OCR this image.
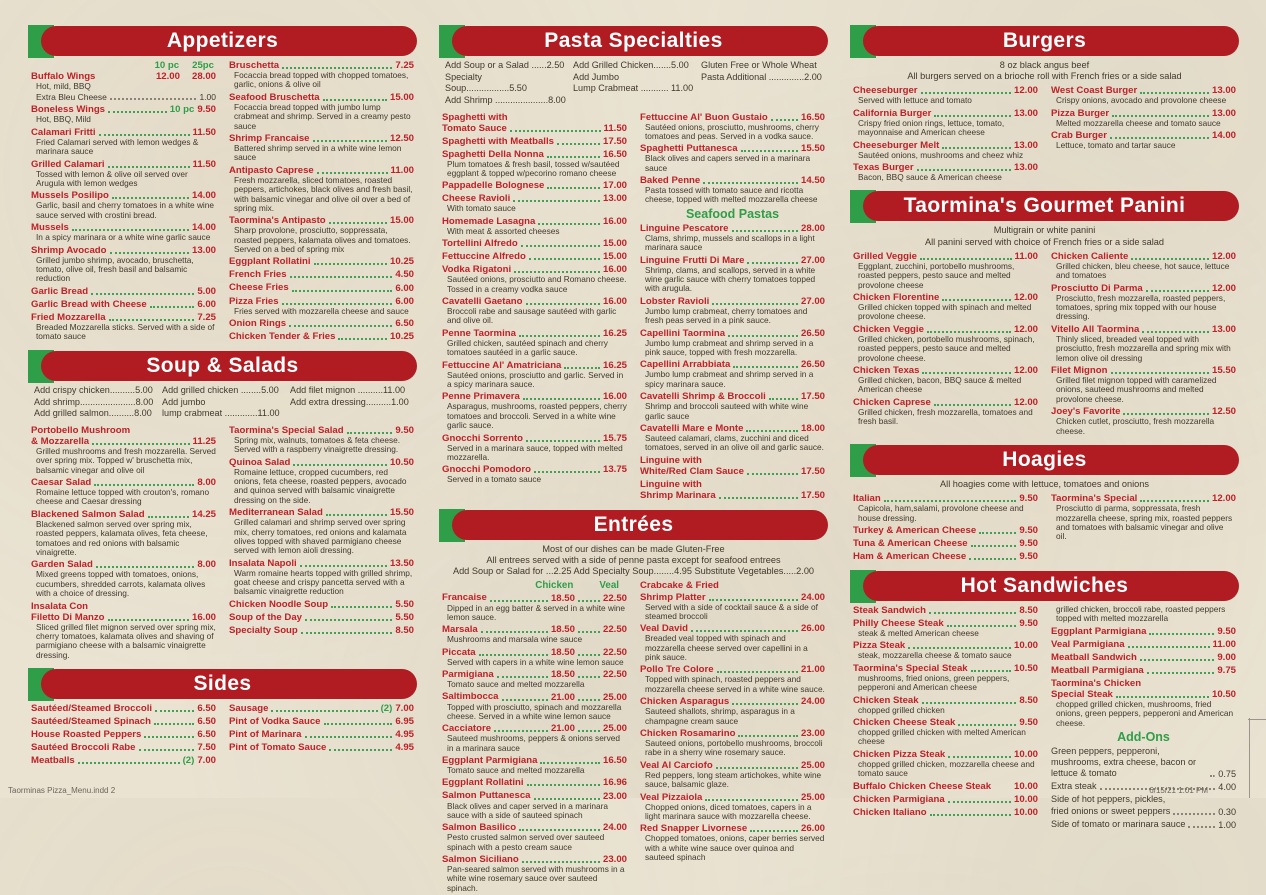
Appetizers
10 pc 25pc
Buffalo Wings	12.00 28.00
Hot, mild, BBQ
Extra Bleu Cheese	1.00
Boneless Wings	10 pc 9.50
Hot, BBQ, Mild
Calamari Fritti	11.50
Fried Calamari served with lemon wedges & marinara sauce
Grilled Calamari	11.50
Tossed with lemon & olive oil served over Arugula with lemon wedges
Mussels Posilipo	14.00
Garlic, basil and cherry tomatoes in a white wine sauce served with crostini bread.
Mussels	14.00
In a spicy marinara or a white wine garlic sauce
Shrimp Avocado	13.00
Grilled jumbo shrimp, avocado, bruschetta, tomato, olive oil, fresh basil and balsamic reduction
Garlic Bread	5.00
Garlic Bread with Cheese	6.00
Fried Mozzarella	7.25
Breaded Mozzarella sticks. Served with a side of tomato sauce
Bruschetta	7.25
Focaccia bread topped with chopped tomatoes, garlic, onions & olive oil
Seafood Bruschetta	15.00
Focaccia bread topped with jumbo lump crabmeat and shrimp. Served in a creamy pesto sauce
Shrimp Francaise	12.50
Battered shrimp served in a white wine lemon sauce
Antipasto Caprese	11.00
Fresh mozzarella, sliced tomatoes, roasted peppers, artichokes, black olives and fresh basil, with balsamic vinegar and olive oil over a bed of spring mix.
Taormina's Antipasto	15.00
Sharp provolone, prosciutto, soppressata, roasted peppers, kalamata olives and tomatoes. Served on a bed of spring mix
Eggplant Rollatini	10.25
French Fries	4.50
Cheese Fries	6.00
Pizza Fries	6.00
Fries served with mozzarella cheese and sauce
Onion Rings	6.50
Chicken Tender & Fries	10.25
Soup & Salads
Add crispy chicken..........5.00
Add shrimp......................8.00
Add grilled salmon..........8.00
Add grilled chicken ........5.00
Add jumbo
lump crabmeat .............11.00
Add filet mignon ..........11.00
Add extra dressing..........1.00
Portobello Mushroom
& Mozzarella	11.25
Grilled mushrooms and fresh mozzarella. Served over spring mix. Topped w' bruschetta mix, balsamic vinegar and olive oil
Caesar Salad	8.00
Romaine lettuce topped with crouton's, romano cheese and Caesar dressing
Blackened Salmon Salad	14.25
Blackened salmon served over spring mix, roasted peppers, kalamata olives, feta cheese, tomatoes and red onions with balsamic vinaigrette.
Garden Salad	8.00
Mixed greens topped with tomatoes, onions, cucumbers, shredded carrots, kalamata olives with a choice of dressing.
Insalata Con
Filetto Di Manzo	16.00
Sliced grilled filet mignon served over spring mix, cherry tomatoes, kalamata olives and shaving of parmigiano cheese with a balsamic vinaigrette dressing.
Taormina's Special Salad	9.50
Spring mix, walnuts, tomatoes & feta cheese. Served with a raspberry vinaigrette dressing.
Quinoa Salad	10.50
Romaine lettuce, cropped cucumbers, red onions, feta cheese, roasted peppers, avocado and quinoa served with balsamic vinaigrette dressing on the side.
Mediterranean Salad	15.50
Grilled calamari and shrimp served over spring mix, cherry tomatoes, red onions and kalamata olives topped with shaved parmigiano cheese served with lemon aioli dressing.
Insalata Napoli	13.50
Warm romaine hearts topped with grilled shrimp, goat cheese and crispy pancetta served with a balsamic vinaigrette reduction
Chicken Noodle Soup	5.50
Soup of the Day	5.50
Specialty Soup	8.50
Sides
Sautéed/Steamed Broccoli	6.50
Sautéed/Steamed Spinach	6.50
House Roasted Peppers	6.50
Sautéed Broccoli Rabe	7.50
Meatballs	(2) 7.00
Sausage	(2) 7.00
Pint of Vodka Sauce	6.95
Pint of Marinara	4.95
Pint of Tomato Sauce	4.95
Pasta Specialties
Add Soup or a Salad ......2.50
Specialty Soup.................5.50
Add Shrimp .....................8.00
Add Grilled Chicken.......5.00
Add Jumbo
Lump Crabmeat ........... 11.00
Gluten Free or Whole Wheat
Pasta Additional ..............2.00
Spaghetti with
Tomato Sauce	11.50
Spaghetti with Meatballs	17.50
Spaghetti Della Nonna	16.50
Plum tomatoes & fresh basil, tossed w/sautéed eggplant & topped w/pecorino romano cheese
Pappadelle Bolognese	17.00
Cheese Ravioli	13.00
With tomato sauce
Homemade Lasagna	16.00
With meat & assorted cheeses
Tortellini Alfredo	15.00
Fettuccine Alfredo	15.00
Vodka Rigatoni	16.00
Sautéed onions, prosciutto and Romano cheese. Tossed in a creamy vodka sauce
Cavatelli Gaetano	16.00
Broccoli rabe and sausage sautéed with garlic and olive oil.
Penne Taormina	16.25
Grilled chicken, sautéed spinach and cherry tomatoes sautéed in a garlic sauce.
Fettuccine Al' Amatriciana	16.25
Sautéed onions, prosciutto and garlic. Served in a spicy marinara sauce.
Penne Primavera	16.00
Asparagus, mushrooms, roasted peppers, cherry tomatoes and broccoli. Served in a white wine garlic sauce.
Gnocchi Sorrento	15.75
Served in a marinara sauce, topped with melted mozzarella.
Gnocchi Pomodoro	13.75
Served in a tomato sauce
Fettuccine Al' Buon Gustaio	16.50
Sautéed onions, prosciutto, mushrooms, cherry tomatoes and peas. Served in a vodka sauce.
Spaghetti Puttanesca	15.50
Black olives and capers served in a marinara sauce
Baked Penne	14.50
Pasta tossed with tomato sauce and ricotta cheese, topped with melted mozzarella cheese
Seafood Pastas
Linguine Pescatore	28.00
Clams, shrimp, mussels and scallops in a light marinara sauce
Linguine Frutti Di Mare	27.00
Shrimp, clams, and scallops, served in a white wine garlic sauce with cherry tomatoes topped with arugula.
Lobster Ravioli	27.00
Jumbo lump crabmeat, cherry tomatoes and fresh peas served in a pink sauce.
Capellini Taormina	26.50
Jumbo lump crabmeat and shrimp served in a pink sauce, topped with fresh mozzarella.
Capellini Arrabbiata	26.50
Jumbo lump crabmeat and shrimp served in a spicy marinara sauce.
Cavatelli Shrimp & Broccoli	17.50
Shrimp and broccoli sauteed with white wine garlic sauce
Cavatelli Mare e Monte	18.00
Sauteed calamari, clams, zucchini and diced tomatoes, served in an olive oil and garlic sauce.
Linguine with
White/Red Clam Sauce	17.50
Linguine with
Shrimp Marinara	17.50
Entrées
Most of our dishes can be made Gluten-Free
All entrees served with a side of penne pasta except for seafood entrees
Add Soup or Salad for ...2.25 Add Specialty Soup........4.95 Substitute Vegetables.....2.00
Chicken	Veal
Francaise	18.50	22.50
Dipped in an egg batter & served in a white wine lemon sauce.
Marsala	18.50	22.50
Mushrooms and marsala wine sauce
Piccata	18.50	22.50
Served with capers in a white wine lemon sauce
Parmigiana	18.50	22.50
Tomato sauce and melted mozzarella
Saltimbocca	21.00	25.00
Topped with prosciutto, spinach and mozzarella cheese. Served in a white wine lemon sauce
Cacciatore	21.00	25.00
Sauteed mushrooms, peppers & onions served in a marinara sauce
Eggplant Parmigiana	16.50
Tomato sauce and melted mozzarella
Eggplant Rollatini	16.96
Salmon Puttanesca	23.00
Black olives and caper served in a marinara sauce with a side of sauteed spinach
Salmon Basilico	24.00
Pesto crusted salmon served over sauteed spinach with a pesto cream sauce
Salmon Siciliano	23.00
Pan-seared salmon served with mushrooms in a white wine rosemary sauce over sauteed spinach.
Crabcake & Fried
Shrimp Platter	24.00
Served with a side of cocktail sauce & a side of steamed broccoli
Veal David	26.00
Breaded veal topped with spinach and mozzarella cheese served over capellini in a pink sauce.
Pollo Tre Colore	21.00
Topped with spinach, roasted peppers and mozzarella cheese served in a white wine sauce.
Chicken Asparagus	24.00
Sauteed shallots, shrimp, asparagus in a champagne cream sauce
Chicken Rosamarino	23.00
Sauteed onions, portobello mushrooms, broccoli rabe in a sherry wine rosemary sauce.
Veal Al Carciofo	25.00
Red peppers, long steam artichokes, white wine sauce, balsamic glaze.
Veal Pizzaiola	25.00
Chopped onions, diced tomatoes, capers in a light marinara sauce with mozzarella cheese.
Red Snapper Livornese	26.00
Chopped tomatoes, onions, caper berries served with a white wine sauce over quinoa and sauteed spinach
Burgers
8 oz black angus beef
All burgers served on a brioche roll with French fries or a side salad
Cheeseburger	12.00
Served with lettuce and tomato
California Burger	13.00
Crispy fried onion rings, lettuce, tomato, mayonnaise and American cheese
Cheeseburger Melt	13.00
Sautéed onions, mushrooms and cheez whiz
Texas Burger	13.00
Bacon, BBQ sauce & American cheese
West Coast Burger	13.00
Crispy onions, avocado and provolone cheese
Pizza Burger	13.00
Melted mozzarella cheese and tomato sauce
Crab Burger	14.00
Lettuce, tomato and tartar sauce
Taormina's Gourmet Panini
Multigrain or white panini
All panini served with choice of French fries or a side salad
Grilled Veggie	11.00
Eggplant, zucchini, portobello mushrooms, roasted peppers, pesto sauce and melted provolone cheese
Chicken Florentine	12.00
Grilled chicken topped with spinach and melted provolone cheese.
Chicken Veggie	12.00
Grilled chicken, portobello mushrooms, spinach, roasted peppers, pesto sauce and melted provolone cheese.
Chicken Texas	12.00
Grilled chicken, bacon, BBQ sauce & melted American cheese
Chicken Caprese	12.00
Grilled chicken, fresh mozzarella, tomatoes and fresh basil.
Chicken Caliente	12.00
Grilled chicken, bleu cheese, hot sauce, lettuce and tomatoes
Prosciutto Di Parma	12.00
Prosciutto, fresh mozzarella, roasted peppers, tomatoes, spring mix topped with our house dressing.
Vitello All Taormina	13.00
Thinly sliced, breaded veal topped with prosciutto, fresh mozzarella and spring mix with lemon olive oil dressing
Filet Mignon	15.50
Grilled filet mignon topped with caramelized onions, sauteed mushrooms and melted provolone cheese.
Joey's Favorite	12.50
Chicken cutlet, prosciutto, fresh mozzarella cheese.
Hoagies
All hoagies come with lettuce, tomatoes and onions
Italian	9.50
Capicola, ham,salami, provolone cheese and house dressing.
Turkey & American Cheese	9.50
Tuna & American Cheese	9.50
Ham & American Cheese	9.50
Taormina's Special	12.00
Prosciutto di parma, soppressata, fresh mozzarella cheese, spring mix, roasted peppers and tomatoes with balsamic vinegar and olive oil.
Hot Sandwiches
Steak Sandwich	8.50
Philly Cheese Steak	9.50
steak & melted American cheese
Pizza Steak	10.00
steak, mozzarella cheese & tomato sauce
Taormina's Special Steak	10.50
mushrooms, fried onions, green peppers, pepperoni and American cheese
Chicken Steak	8.50
chopped grilled chicken
Chicken Cheese Steak	9.50
chopped grilled chicken with melted American cheese
Chicken Pizza Steak	10.00
chopped grilled chicken, mozzarella cheese and tomato sauce
Buffalo Chicken Cheese Steak 10.00
Chicken Parmigiana	10.00
Chicken Italiano	10.00
grilled chicken, broccoli rabe, roasted peppers topped with melted mozzarella
Eggplant Parmigiana	9.50
Veal Parmigiana	11.00
Meatball Sandwich	9.00
Meatball Parmigiana	9.75
Taormina's Chicken
Special Steak	10.50
chopped grilled chicken, mushrooms, fried onions, green peppers, pepperoni and American cheese.
Add-Ons
Green peppers, pepperoni, mushrooms, extra cheese, bacon or lettuce & tomato	0.75
Extra steak	4.00
Side of hot peppers, pickles,
fried onions or sweet peppers	0.30
Side of tomato or marinara sauce	1.00
Taorminas Pizza_Menu.indd 2	6/15/21 1:01 PM
